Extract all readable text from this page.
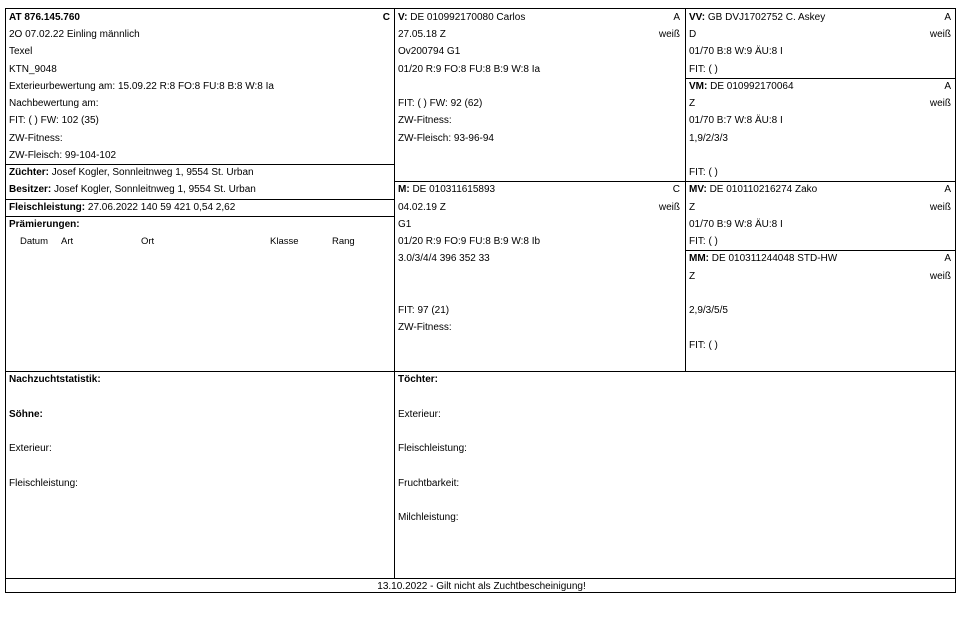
AT 876.145.760	C
2O 07.02.22 Einling männlich
Texel
KTN_9048
Exterieurbewertung am: 15.09.22 R:8 FO:8 FU:8 B:8 W:8 Ia
Nachbewertung am:
FIT: ( ) FW: 102 (35)
ZW-Fitness:
ZW-Fleisch: 99-104-102
Züchter: Josef Kogler, Sonnleitnweg 1, 9554 St. Urban
Besitzer: Josef Kogler, Sonnleitnweg 1, 9554 St. Urban
Fleischleistung: 27.06.2022 140 59 421 0,54 2,62
Prämierungen:
Datum Art	Ort	Klasse	Rang
V: DE 010992170080 Carlos	A
27.05.18 Z	weiß
Ov200794 G1
01/20 R:9 FO:8 FU:8 B:9 W:8 Ia
FIT: ( ) FW: 92 (62)
ZW-Fitness:
ZW-Fleisch: 93-96-94
M: DE 010311615893	C
04.02.19 Z	weiß
G1
01/20 R:9 FO:9 FU:8 B:9 W:8 Ib
3.0/3/4/4 396 352 33
FIT: 97 (21)
ZW-Fitness:
VV: GB DVJ1702752 C. Askey	A
D	weiß
01/70 B:8 W:9 ÄU:8 I
FIT: ( )
VM: DE 010992170064	A
Z	weiß
01/70 B:7 W:8 ÄU:8 I
1,9/2/3/3
FIT: ( )
MV: DE 010110216274 Zako	A
Z	weiß
01/70 B:9 W:8 ÄU:8 I
FIT: ( )
MM: DE 010311244048 STD-HW	A
Z	weiß
2,9/3/5/5
FIT: ( )
Nachzuchtstatistik:
Söhne:
Exterieur:
Fleischleistung:
Töchter:
Exterieur:
Fleischleistung:
Fruchtbarkeit:
Milchleistung:
13.10.2022 - Gilt nicht als Zuchtbescheinigung!
